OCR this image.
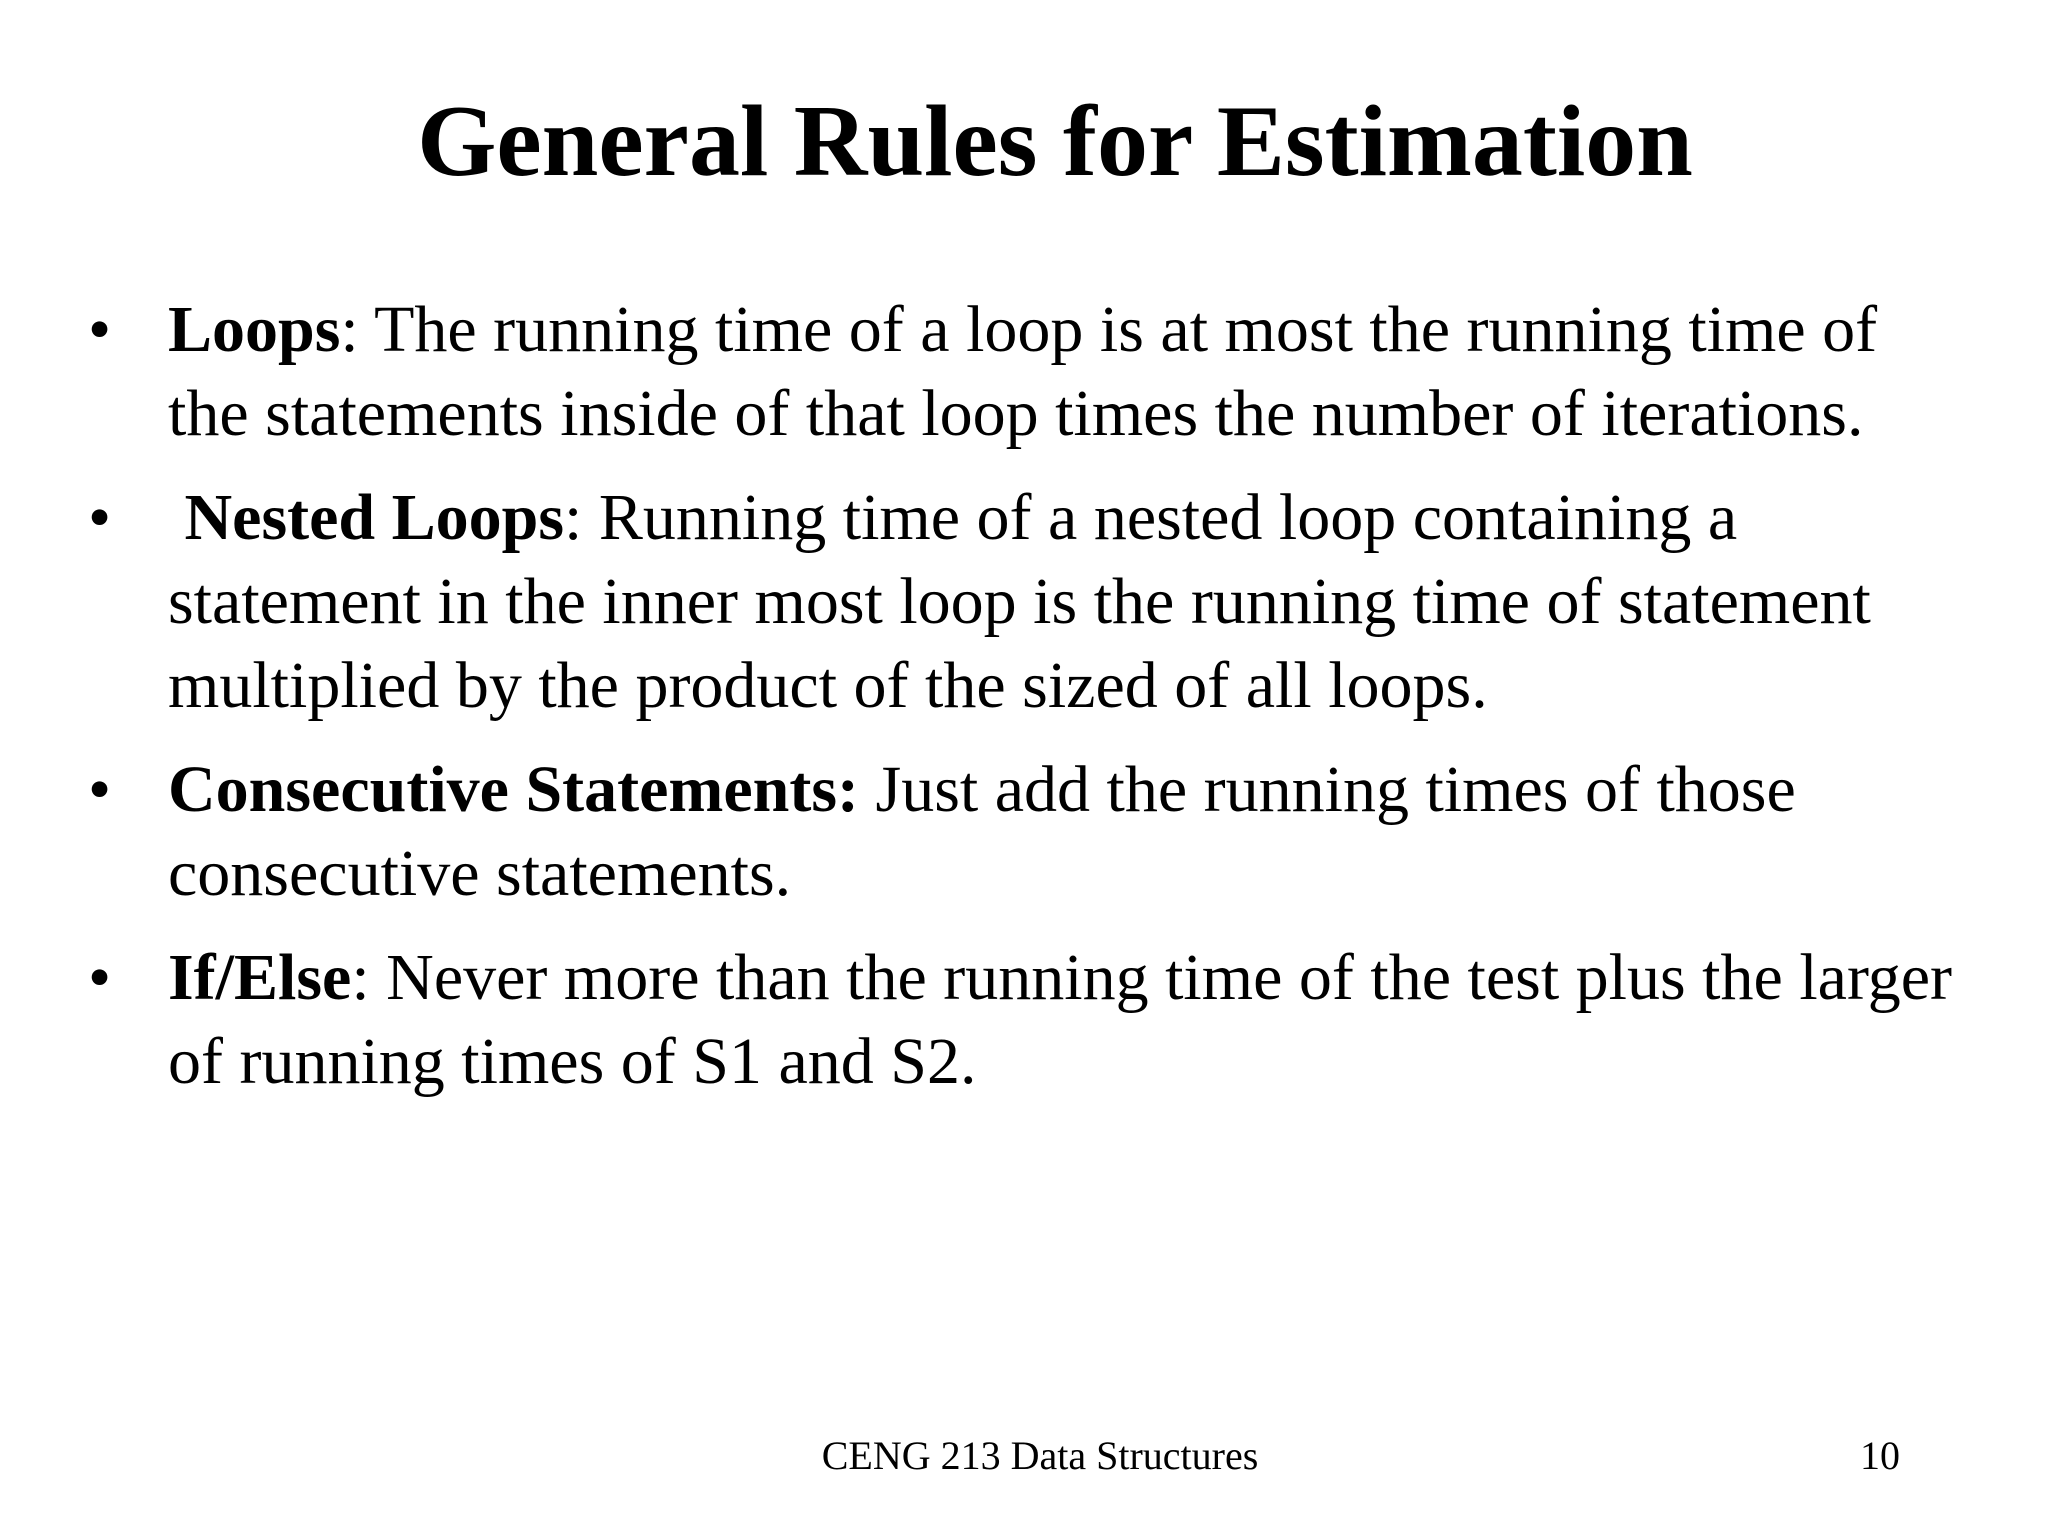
General Rules for Estimation
• Loops: The running time of a loop is at most the running time of the statements inside of that loop times the number of iterations.
• Nested Loops: Running time of a nested loop containing a statement in the inner most loop is the running time of statement multiplied by the product of the sized of all loops.
• Consecutive Statements: Just add the running times of those consecutive statements.
• If/Else: Never more than the running time of the test plus the larger of running times of S1 and S2.
CENG 213 Data Structures	10
